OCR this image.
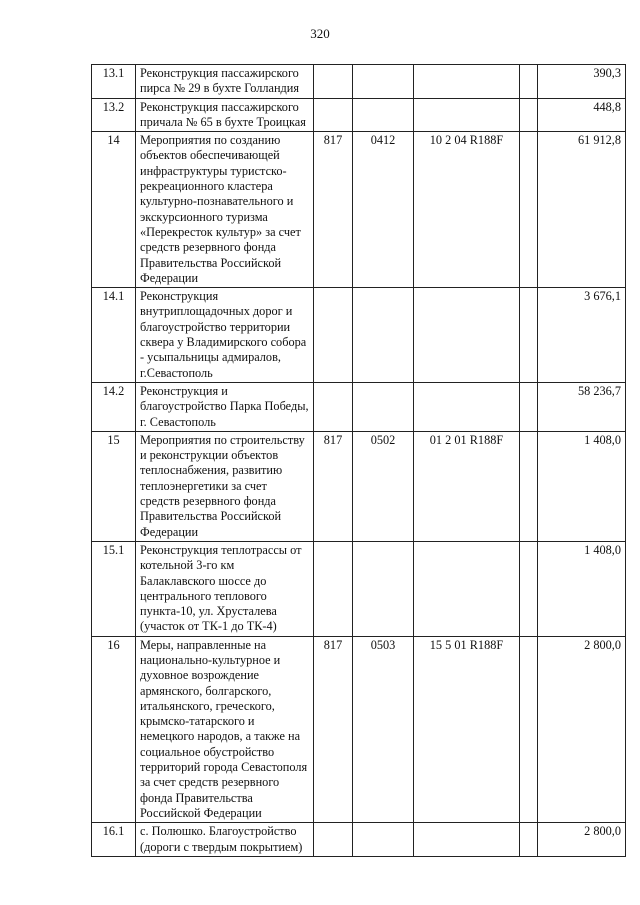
320
13.1	Реконструкция пассажирского пирса № 29 в бухте Голландия					390,3
13.2	Реконструкция пассажирского причала № 65 в бухте Троицкая					448,8
14	Мероприятия по созданию объектов обеспечивающей инфраструктуры туристско-рекреационного кластера культурно-познавательного и экскурсионного туризма «Перекресток культур» за счет средств резервного фонда Правительства Российской Федерации	817	0412	10 2 04 R188F		61 912,8
14.1	Реконструкция внутриплощадочных дорог и благоустройство территории сквера у Владимирского собора - усыпальницы адмиралов, г.Севастополь					3 676,1
14.2	Реконструкция и благоустройство Парка Победы, г. Севастополь					58 236,7
15	Мероприятия по строительству и реконструкции объектов теплоснабжения, развитию теплоэнергетики за счет средств резервного фонда Правительства Российской Федерации	817	0502	01 2 01 R188F		1 408,0
15.1	Реконструкция теплотрассы от котельной 3-го км Балаклавского шоссе до центрального теплового пункта-10, ул. Хрусталева (участок от ТК-1 до ТК-4)					1 408,0
16	Меры, направленные на национально-культурное и духовное возрождение армянского, болгарского, итальянского, греческого, крымско-татарского и немецкого народов, а также на социальное обустройство территорий города Севастополя за счет средств резервного фонда Правительства Российской Федерации	817	0503	15 5 01 R188F		2 800,0
16.1	с. Полюшко. Благоустройство (дороги с твердым покрытием)					2 800,0
